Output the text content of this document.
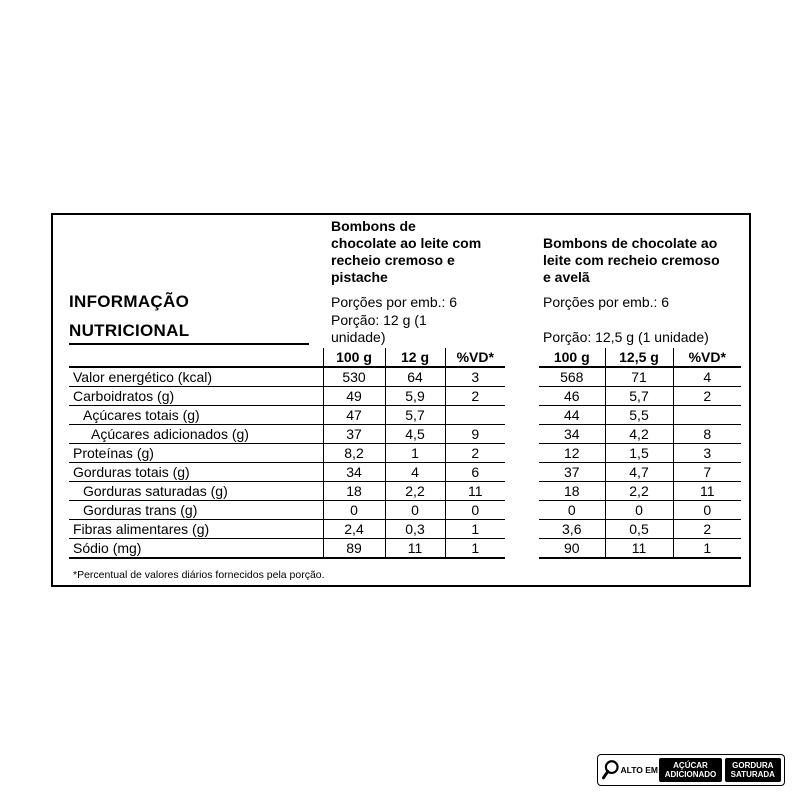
INFORMAÇÃO
NUTRICIONAL
Bombons de
chocolate ao leite com
recheio cremoso e
pistache
Porções por emb.: 6
Porção: 12 g (1
unidade)
Bombons de chocolate ao
leite com recheio cremoso
e avelã
Porções por emb.: 6
Porção: 12,5 g (1 unidade)
	100 g	12 g	%VD*
Valor energético (kcal)	530	64	3
Carboidratos (g)	49	5,9	2
Açúcares totais (g)	47	5,7	
Açúcares adicionados (g)	37	4,5	9
Proteínas (g)	8,2	1	2
Gorduras totais (g)	34	4	6
Gorduras saturadas (g)	18	2,2	11
Gorduras trans (g)	0	0	0
Fibras alimentares (g)	2,4	0,3	1
Sódio (mg)	89	11	1
100 g	12,5 g	%VD*
568	71	4
46	5,7	2
44	5,5	
34	4,2	8
12	1,5	3
37	4,7	7
18	2,2	11
0	0	0
3,6	0,5	2
90	11	1
*Percentual de valores diários fornecidos pela porção.
ALTO EM	AÇÚCAR
ADICIONADO
GORDURA
SATURADA
